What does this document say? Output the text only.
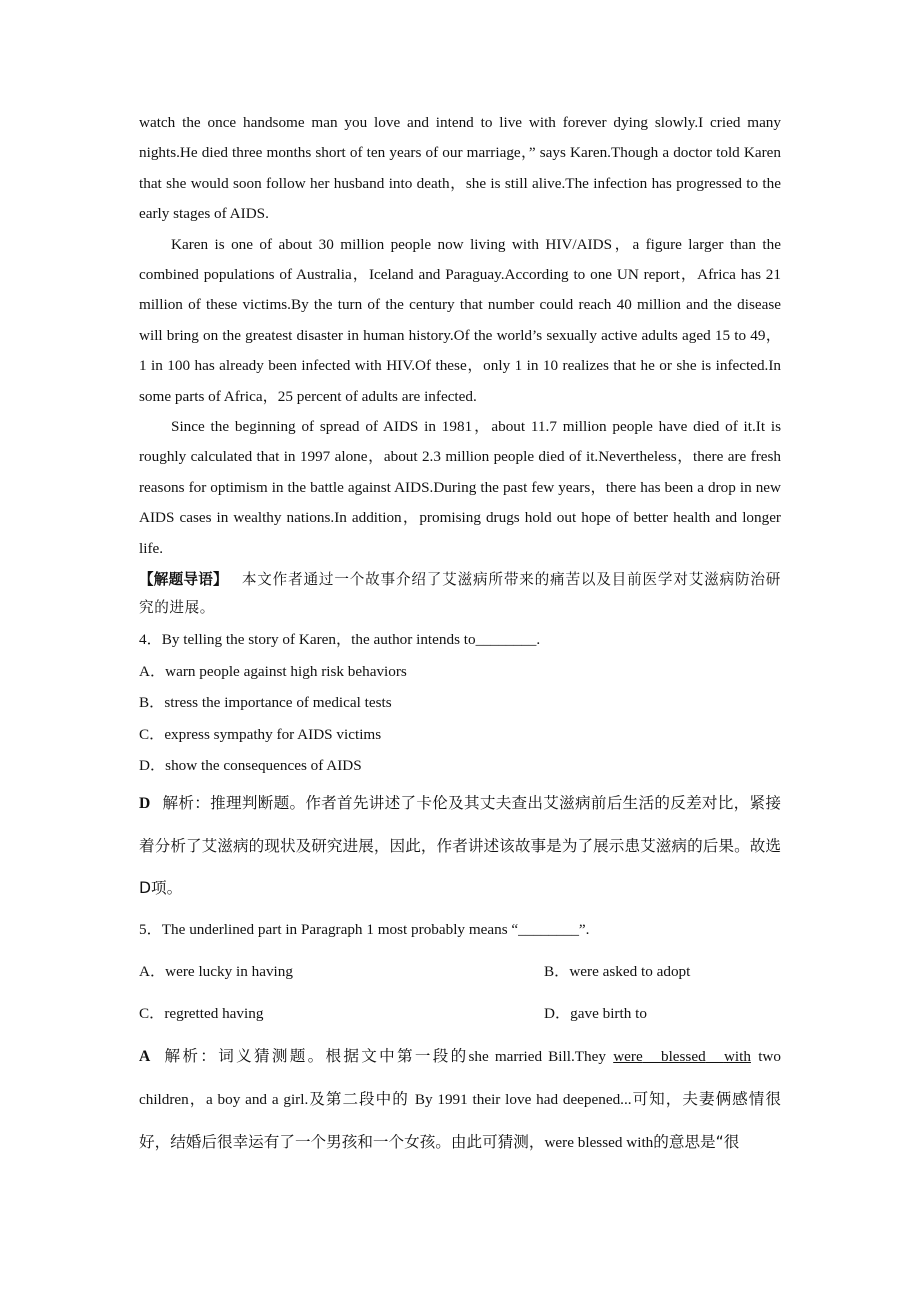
watch the once handsome man you love and intend to live with forever dying slowly.I cried many nights.He died three months short of ten years of our marriage，” says Karen.Though a doctor told Karen that she would soon follow her husband into death，she is still alive.The infection has progressed to the early stages of AIDS.

Karen is one of about 30 million people now living with HIV/AIDS，a figure larger than the combined populations of Australia，Iceland and Paraguay.According to one UN report，Africa has 21 million of these victims.By the turn of the century that number could reach 40 million and the disease will bring on the greatest disaster in human history.Of the world’s sexually active adults aged 15 to 49，1 in 100 has already been infected with HIV.Of these，only 1 in 10 realizes that he or she is infected.In some parts of Africa，25 percent of adults are infected.

Since the beginning of spread of AIDS in 1981，about 11.7 million people have died of it.It is roughly calculated that in 1997 alone，about 2.3 million people died of it.Nevertheless，there are fresh reasons for optimism in the battle against AIDS.During the past few years，there has been a drop in new AIDS cases in wealthy nations.In addition，promising drugs hold out hope of better health and longer life.

【解题导语】 本文作者通过一个故事介绍了艾滋病所带来的痛苦以及目前医学对艾滋病防治研究的进展。

4．By telling the story of Karen，the author intends to________.

A．warn people against high risk behaviors

B．stress the importance of medical tests

C．express sympathy for AIDS victims

D．show the consequences of AIDS

D 解析：推理判断题。作者首先讲述了卡伦及其丈夫查出艾滋病前后生活的反差对比，紧接着分析了艾滋病的现状及研究进展，因此，作者讲述该故事是为了展示患艾滋病的后果。故选D项。

5．The underlined part in Paragraph 1 most probably means “________”.

A．were lucky in having	B．were asked to adopt
C．regretted having	D．gave birth to

A 解析：词义猜测题。根据文中第一段的she married Bill.They were blessed with two children，a boy and a girl.及第二段中的 By 1991 their love had deepened...可知，夫妻俩感情很好，结婚后很幸运有了一个男孩和一个女孩。由此可猜测，were blessed with的意思是“很
